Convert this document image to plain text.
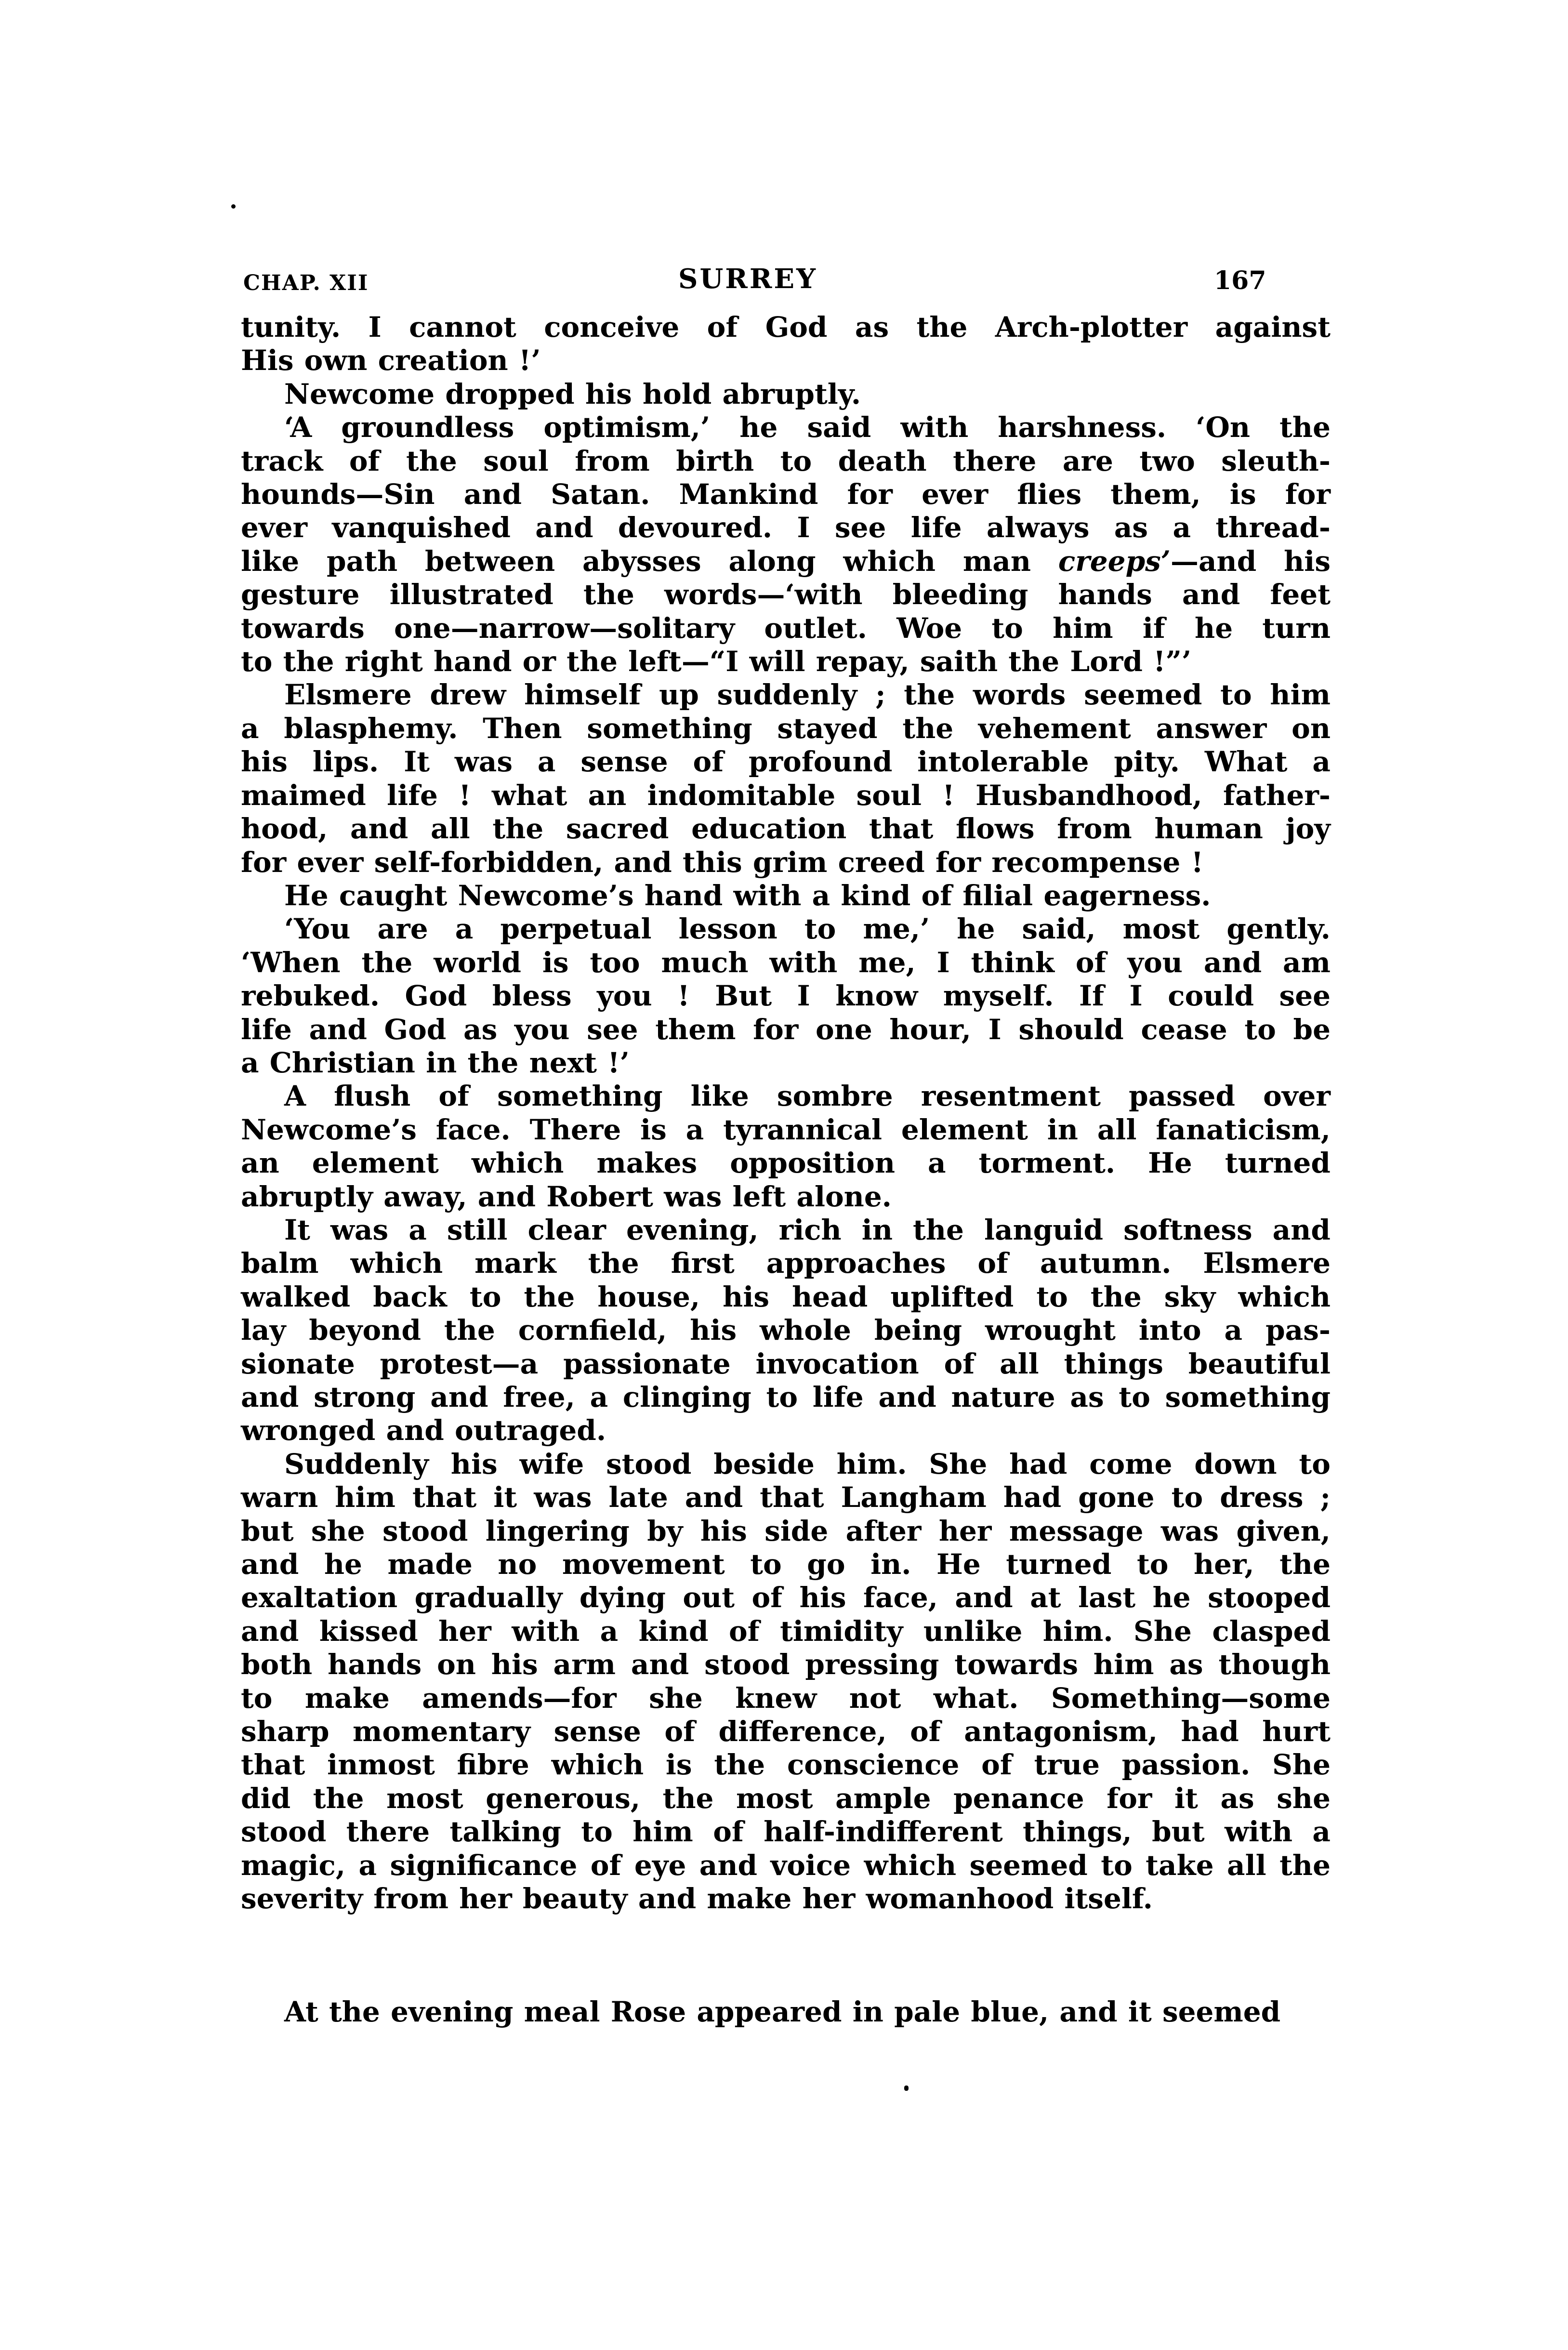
CHAP. XII	SURREY	167
tunity. I cannot conceive of God as the Arch-plotter against
His own creation !’
Newcome dropped his hold abruptly.
‘A groundless optimism,’ he said with harshness. ‘On the
track of the soul from birth to death there are two sleuth-
hounds—Sin and Satan. Mankind for ever flies them, is for
ever vanquished and devoured. I see life always as a thread-
like path between abysses along which man creeps’—and his
gesture illustrated the words—‘with bleeding hands and feet
towards one—narrow—solitary outlet. Woe to him if he turn
to the right hand or the left—“I will repay, saith the Lord !”’
Elsmere drew himself up suddenly ; the words seemed to him
a blasphemy. Then something stayed the vehement answer on
his lips. It was a sense of profound intolerable pity. What a
maimed life ! what an indomitable soul ! Husbandhood, father-
hood, and all the sacred education that flows from human joy
for ever self-forbidden, and this grim creed for recompense !
He caught Newcome’s hand with a kind of filial eagerness.
‘You are a perpetual lesson to me,’ he said, most gently.
‘When the world is too much with me, I think of you and am
rebuked. God bless you ! But I know myself. If I could see
life and God as you see them for one hour, I should cease to be
a Christian in the next !’
A flush of something like sombre resentment passed over
Newcome’s face. There is a tyrannical element in all fanaticism,
an element which makes opposition a torment. He turned
abruptly away, and Robert was left alone.
It was a still clear evening, rich in the languid softness and
balm which mark the first approaches of autumn. Elsmere
walked back to the house, his head uplifted to the sky which
lay beyond the cornfield, his whole being wrought into a pas-
sionate protest—a passionate invocation of all things beautiful
and strong and free, a clinging to life and nature as to something
wronged and outraged.
Suddenly his wife stood beside him. She had come down to
warn him that it was late and that Langham had gone to dress ;
but she stood lingering by his side after her message was given,
and he made no movement to go in. He turned to her, the
exaltation gradually dying out of his face, and at last he stooped
and kissed her with a kind of timidity unlike him. She clasped
both hands on his arm and stood pressing towards him as though
to make amends—for she knew not what. Something—some
sharp momentary sense of difference, of antagonism, had hurt
that inmost fibre which is the conscience of true passion. She
did the most generous, the most ample penance for it as she
stood there talking to him of half-indifferent things, but with a
magic, a significance of eye and voice which seemed to take all the
severity from her beauty and make her womanhood itself.
At the evening meal Rose appeared in pale blue, and it seemed
